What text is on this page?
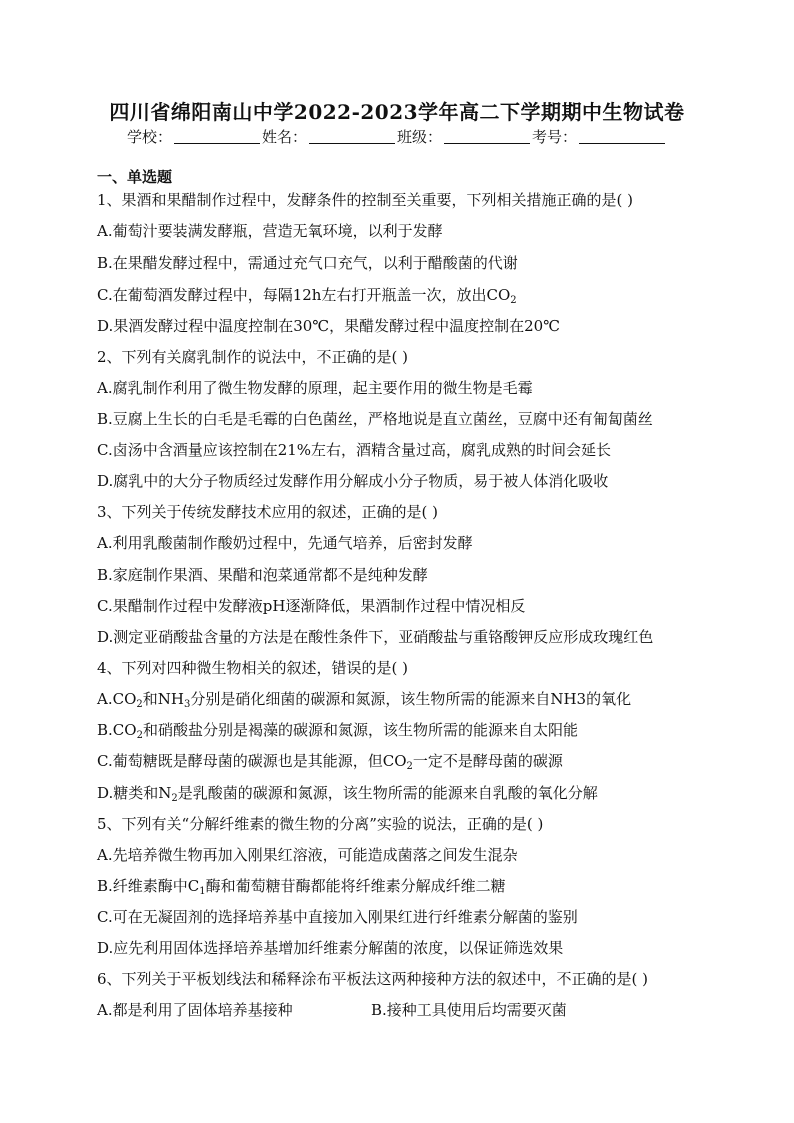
四川省绵阳南山中学2022-2023学年高二下学期期中生物试卷
学校：	姓名：	班级：	考号：
一、单选题
1、果酒和果醋制作过程中，发酵条件的控制至关重要，下列相关措施正确的是( )
A.葡萄汁要装满发酵瓶，营造无氧环境，以利于发酵
B.在果醋发酵过程中，需通过充气口充气，以利于醋酸菌的代谢
C.在葡萄酒发酵过程中，每隔12h左右打开瓶盖一次，放出$CO_2$
D.果酒发酵过程中温度控制在30℃，果醋发酵过程中温度控制在20℃
2、下列有关腐乳制作的说法中，不正确的是( )
A.腐乳制作利用了微生物发酵的原理，起主要作用的微生物是毛霉
B.豆腐上生长的白毛是毛霉的白色菌丝，严格地说是直立菌丝，豆腐中还有匍匐菌丝
C.卤汤中含酒量应该控制在21%左右，酒精含量过高，腐乳成熟的时间会延长
D.腐乳中的大分子物质经过发酵作用分解成小分子物质，易于被人体消化吸收
3、下列关于传统发酵技术应用的叙述，正确的是( )
A.利用乳酸菌制作酸奶过程中，先通气培养，后密封发酵
B.家庭制作果酒、果醋和泡菜通常都不是纯种发酵
C.果醋制作过程中发酵液pH逐渐降低，果酒制作过程中情况相反
D.测定亚硝酸盐含量的方法是在酸性条件下，亚硝酸盐与重铬酸钾反应形成玫瑰红色
4、下列对四种微生物相关的叙述，错误的是( )
$A.CO_2$和$NH_3$分别是硝化细菌的碳源和氮源，该生物所需的能源来自NH3的氧化
$B.CO_2$和硝酸盐分别是褐藻的碳源和氮源，该生物所需的能源来自太阳能
C.葡萄糖既是酵母菌的碳源也是其能源，但$CO_2$一定不是酵母菌的碳源
D.糖类和$N_2$是乳酸菌的碳源和氮源，该生物所需的能源来自乳酸的氧化分解
5、下列有关“分解纤维素的微生物的分离”实验的说法，正确的是( )
A.先培养微生物再加入刚果红溶液，可能造成菌落之间发生混杂
B.纤维素酶中$C_1$酶和葡萄糖苷酶都能将纤维素分解成纤维二糖
C.可在无凝固剂的选择培养基中直接加入刚果红进行纤维素分解菌的鉴别
D.应先利用固体选择培养基增加纤维素分解菌的浓度，以保证筛选效果
6、下列关于平板划线法和稀释涂布平板法这两种接种方法的叙述中，不正确的是( )
A.都是利用了固体培养基接种	B.接种工具使用后均需要灭菌
